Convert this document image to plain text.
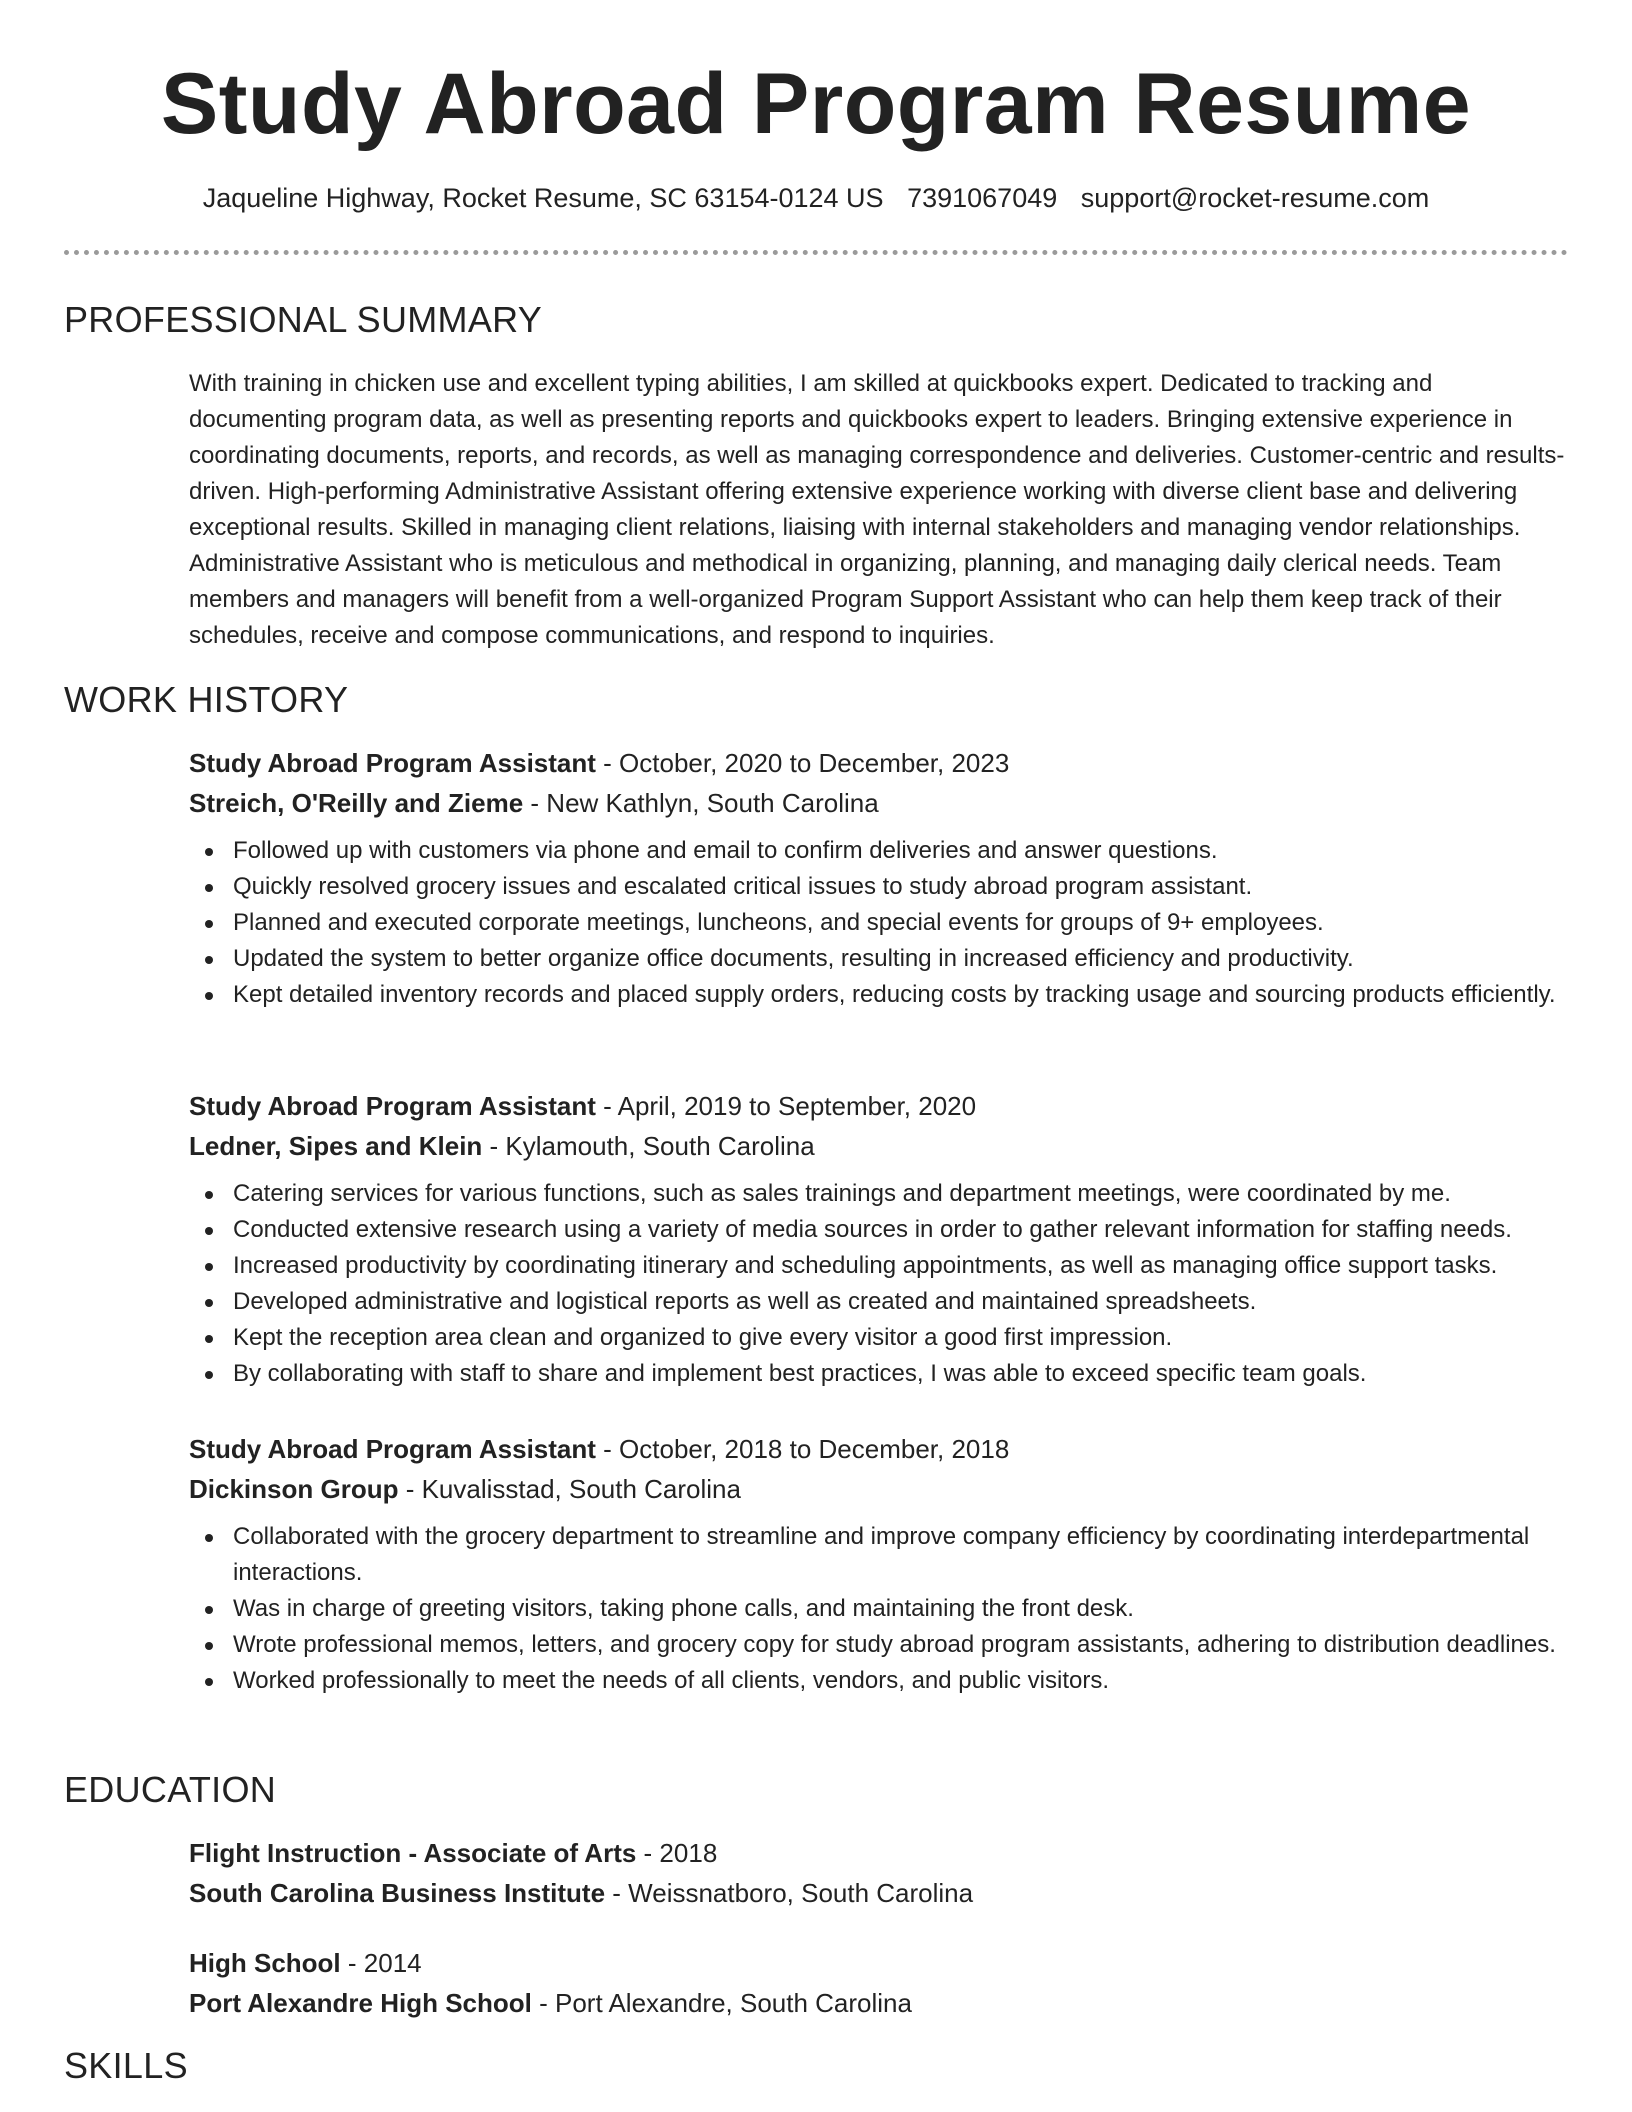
Study Abroad Program Resume
Jaqueline Highway, Rocket Resume, SC 63154-0124 US 7391067049 support@rocket-resume.com
PROFESSIONAL SUMMARY

With training in chicken use and excellent typing abilities, I am skilled at quickbooks expert. Dedicated to tracking and documenting program data, as well as presenting reports and quickbooks expert to leaders. Bringing extensive experience in coordinating documents, reports, and records, as well as managing correspondence and deliveries. Customer-centric and results-driven. High-performing Administrative Assistant offering extensive experience working with diverse client base and delivering exceptional results. Skilled in managing client relations, liaising with internal stakeholders and managing vendor relationships. Administrative Assistant who is meticulous and methodical in organizing, planning, and managing daily clerical needs. Team members and managers will benefit from a well-organized Program Support Assistant who can help them keep track of their schedules, receive and compose communications, and respond to inquiries.

WORK HISTORY
Study Abroad Program Assistant - October, 2020 to December, 2023
Streich, O'Reilly and Zieme - New Kathlyn, South Carolina
Followed up with customers via phone and email to confirm deliveries and answer questions.
Quickly resolved grocery issues and escalated critical issues to study abroad program assistant.
Planned and executed corporate meetings, luncheons, and special events for groups of 9+ employees.
Updated the system to better organize office documents, resulting in increased efficiency and productivity.
Kept detailed inventory records and placed supply orders, reducing costs by tracking usage and sourcing products efficiently.
Study Abroad Program Assistant - April, 2019 to September, 2020
Ledner, Sipes and Klein - Kylamouth, South Carolina
Catering services for various functions, such as sales trainings and department meetings, were coordinated by me.
Conducted extensive research using a variety of media sources in order to gather relevant information for staffing needs.
Increased productivity by coordinating itinerary and scheduling appointments, as well as managing office support tasks.
Developed administrative and logistical reports as well as created and maintained spreadsheets.
Kept the reception area clean and organized to give every visitor a good first impression.
By collaborating with staff to share and implement best practices, I was able to exceed specific team goals.
Study Abroad Program Assistant - October, 2018 to December, 2018
Dickinson Group - Kuvalisstad, South Carolina
Collaborated with the grocery department to streamline and improve company efficiency by coordinating interdepartmental interactions.
Was in charge of greeting visitors, taking phone calls, and maintaining the front desk.
Wrote professional memos, letters, and grocery copy for study abroad program assistants, adhering to distribution deadlines.
Worked professionally to meet the needs of all clients, vendors, and public visitors.
EDUCATION
Flight Instruction - Associate of Arts - 2018
South Carolina Business Institute - Weissnatboro, South Carolina
High School - 2014
Port Alexandre High School - Port Alexandre, South Carolina
SKILLS
